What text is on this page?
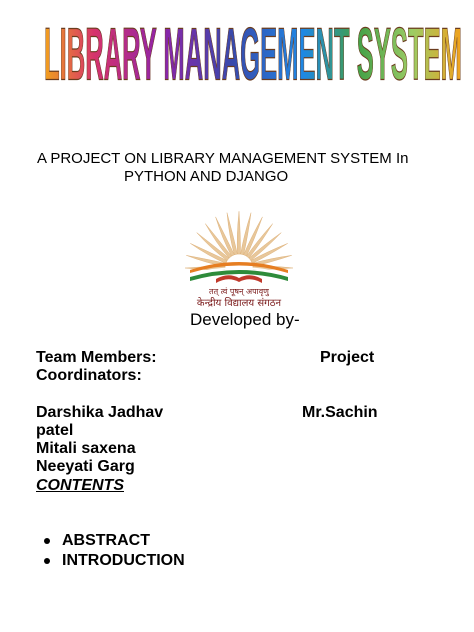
LIBRARY MANAGEMENT SYSTEM
A PROJECT ON LIBRARY MANAGEMENT SYSTEM In
PYTHON AND DJANGO
तत् त्वं पूषन् अपावृणु
केन्द्रीय विद्यालय संगठन
Developed by-
Team Members:	Project
Coordinators:
Darshika Jadhav	Mr.Sachin
patel
Mitali saxena
Neeyati Garg
CONTENTS
ABSTRACT
INTRODUCTION
